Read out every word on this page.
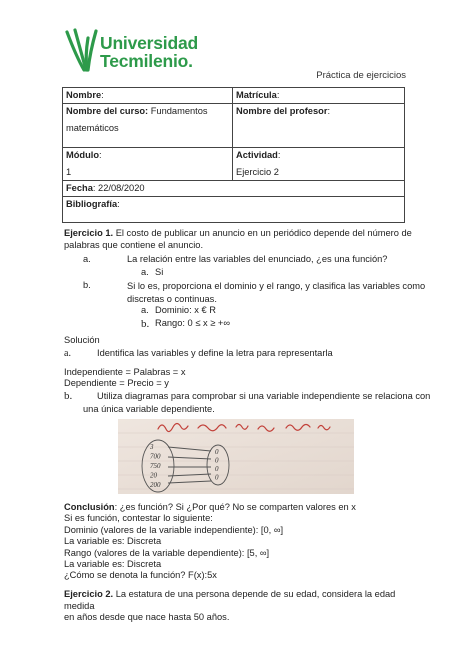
Universidad
Tecmilenio.
Práctica de ejercicios
Nombre:	Matrícula:
Nombre del curso: Fundamentos
matemáticos	Nombre del profesor:
Módulo:
1	Actividad:
Ejercicio 2
Fecha: 22/08/2020	
Bibliografía:	
Ejercicio 1. El costo de publicar un anuncio en un periódico depende del número de
palabras que contiene el anuncio.
a.	La relación entre las variables del enunciado, ¿es una función?
a. Si
b.	Si lo es, proporciona el dominio y el rango, y clasifica las variables como
discretas o continuas.
a. Dominio: x € R
b. Rango: 0 ≤ x ≥ +∞
Solución
a.	Identifica las variables y define la letra para representarla
Independiente = Palabras = x
Dependiente = Precio = y
b.	Utiliza diagramas para comprobar si una variable independiente se relaciona con
una única variable dependiente.
3
700
750
20
200
0
0
0
0
Conclusión: ¿es función? Si ¿Por qué? No se comparten valores en x
Si es función, contestar lo siguiente:
Dominio (valores de la variable independiente): [0, ∞]
La variable es: Discreta
Rango (valores de la variable dependiente): [5, ∞]
La variable es: Discreta
¿Cómo se denota la función? F(x):5x
Ejercicio 2. La estatura de una persona depende de su edad, considera la edad medida
en años desde que nace hasta 50 años.
